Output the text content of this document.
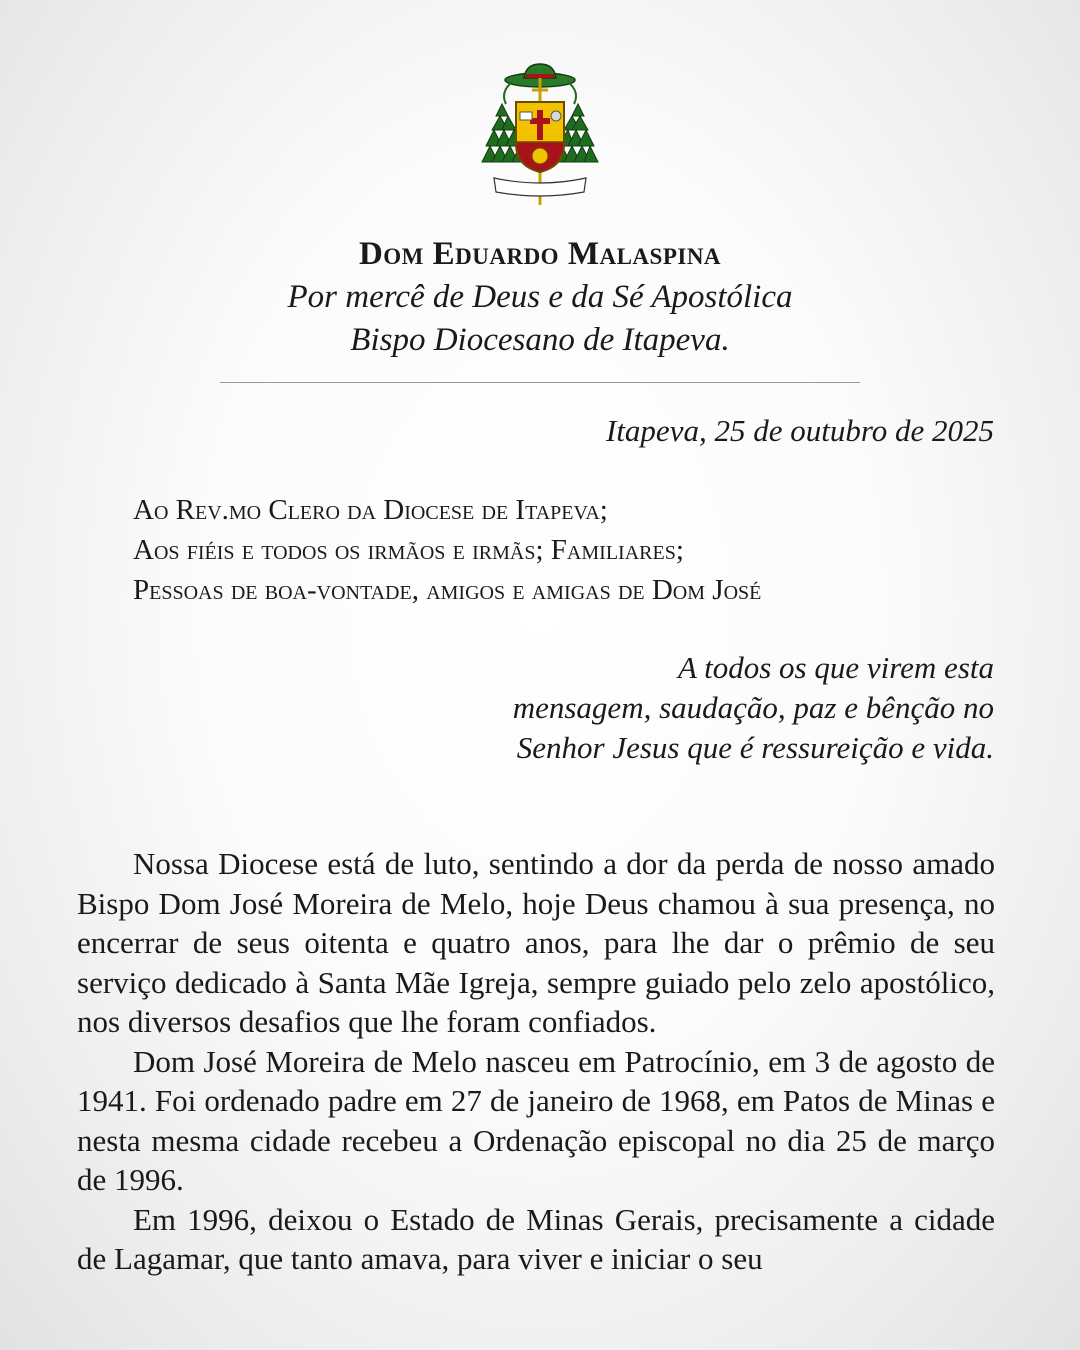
Dom Eduardo Malaspina
Por mercê de Deus e da Sé Apostólica
Bispo Diocesano de Itapeva.
Itapeva, 25 de outubro de 2025
Ao Rev.mo Clero da Diocese de Itapeva;
Aos fiéis e todos os irmãos e irmãs; Familiares;
Pessoas de boa-vontade, amigos e amigas de Dom José
A todos os que virem esta
mensagem, saudação, paz e bênção no
Senhor Jesus que é ressureição e vida.

Nossa Diocese está de luto, sentindo a dor da perda de nosso amado Bispo Dom José Moreira de Melo, hoje Deus chamou à sua presença, no encerrar de seus oitenta e quatro anos, para lhe dar o prêmio de seu serviço dedicado à Santa Mãe Igreja, sempre guiado pelo zelo apostólico, nos diversos desafios que lhe foram confiados.

Dom José Moreira de Melo nasceu em Patrocínio, em 3 de agosto de 1941. Foi ordenado padre em 27 de janeiro de 1968, em Patos de Minas e nesta mesma cidade recebeu a Ordenação episcopal no dia 25 de março de 1996.

Em 1996, deixou o Estado de Minas Gerais, precisamente a cidade de Lagamar, que tanto amava, para viver e iniciar o seu
